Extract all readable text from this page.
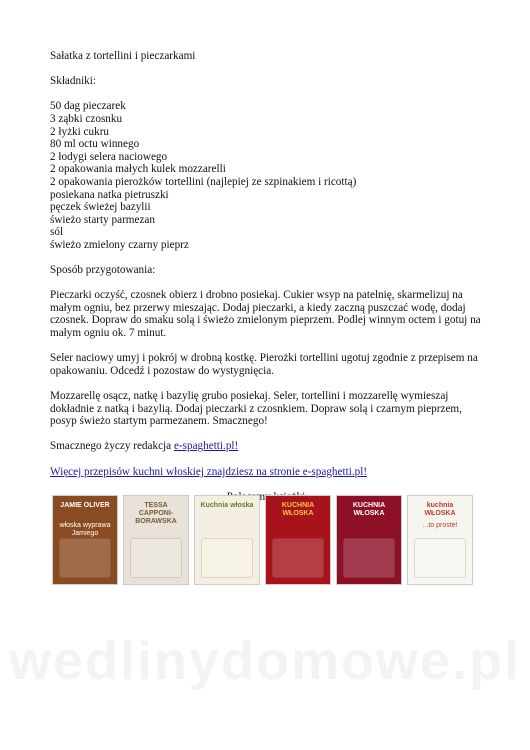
Sałatka z tortellini i pieczarkami

Składniki:

50 dag pieczarek
3 ząbki czosnku
2 łyżki cukru
80 ml octu winnego
2 łodygi selera naciowego
2 opakowania małych kulek mozzarelli
2 opakowania pierożków tortellini (najlepiej ze szpinakiem i ricottą)
posiekana natka pietruszki
pęczek świeżej bazylii
świeżo starty parmezan
sól
świeżo zmielony czarny pieprz

Sposób przygotowania:

Pieczarki oczyść, czosnek obierz i drobno posiekaj. Cukier wsyp na patelnię, skarmelizuj na małym ogniu, bez przerwy mieszając. Dodaj pieczarki, a kiedy zaczną puszczać wodę, dodaj czosnek. Dopraw do smaku solą i świeżo zmielonym pieprzem. Podlej winnym octem i gotuj na małym ogniu ok. 7 minut.

Seler naciowy umyj i pokrój w drobną kostkę. Pierożki tortellini ugotuj zgodnie z przepisem na opakowaniu. Odcedź i pozostaw do wystygnięcia.

Mozzarellę osącz, natkę i bazylię grubo posiekaj. Seler, tortellini i mozzarellę wymieszaj dokładnie z natką i bazylią. Dodaj pieczarki z czosnkiem. Dopraw solą i czarnym pieprzem, posyp świeżo startym parmezanem. Smacznego!

Smacznego życzy redakcja e-spaghetti.pl!

Więcej przepisów kuchni włoskiej znajdziesz na stronie e-spaghetti.pl!

JAMIE OLIVER
włoska wyprawa Jamiego
TESSA CAPPONI-BORAWSKA
Kuchnia włoska	KUCHNIA WŁOSKA
KUCHNIA WŁOSKA
kuchnia WŁOSKA
...to proste!
wedlinydomowe.pl
